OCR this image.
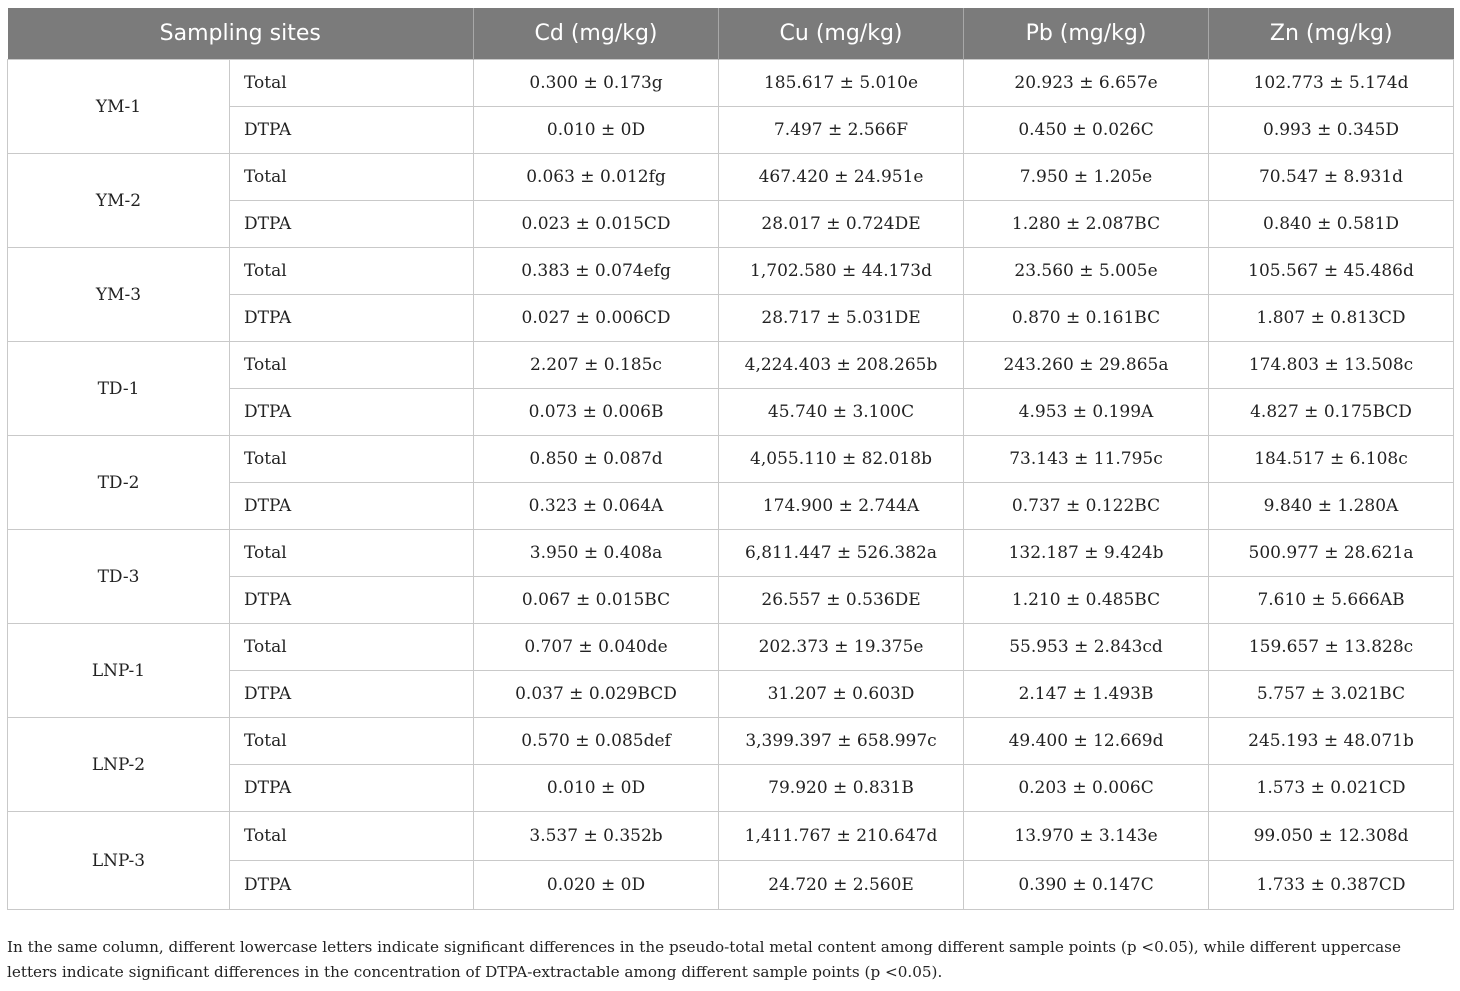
Sampling sites		Cd (mg/kg)	Cu (mg/kg)	Pb (mg/kg)	Zn (mg/kg)
YM-1	Total	0.300 ± 0.173g	185.617 ± 5.010e	20.923 ± 6.657e	102.773 ± 5.174d
	DTPA	0.010 ± 0D	7.497 ± 2.566F	0.450 ± 0.026C	0.993 ± 0.345D
YM-2	Total	0.063 ± 0.012fg	467.420 ± 24.951e	7.950 ± 1.205e	70.547 ± 8.931d
	DTPA	0.023 ± 0.015CD	28.017 ± 0.724DE	1.280 ± 2.087BC	0.840 ± 0.581D
YM-3	Total	0.383 ± 0.074efg	1,702.580 ± 44.173d	23.560 ± 5.005e	105.567 ± 45.486d
	DTPA	0.027 ± 0.006CD	28.717 ± 5.031DE	0.870 ± 0.161BC	1.807 ± 0.813CD
TD-1	Total	2.207 ± 0.185c	4,224.403 ± 208.265b	243.260 ± 29.865a	174.803 ± 13.508c
	DTPA	0.073 ± 0.006B	45.740 ± 3.100C	4.953 ± 0.199A	4.827 ± 0.175BCD
TD-2	Total	0.850 ± 0.087d	4,055.110 ± 82.018b	73.143 ± 11.795c	184.517 ± 6.108c
	DTPA	0.323 ± 0.064A	174.900 ± 2.744A	0.737 ± 0.122BC	9.840 ± 1.280A
TD-3	Total	3.950 ± 0.408a	6,811.447 ± 526.382a	132.187 ± 9.424b	500.977 ± 28.621a
	DTPA	0.067 ± 0.015BC	26.557 ± 0.536DE	1.210 ± 0.485BC	7.610 ± 5.666AB
LNP-1	Total	0.707 ± 0.040de	202.373 ± 19.375e	55.953 ± 2.843cd	159.657 ± 13.828c
	DTPA	0.037 ± 0.029BCD	31.207 ± 0.603D	2.147 ± 1.493B	5.757 ± 3.021BC
LNP-2	Total	0.570 ± 0.085def	3,399.397 ± 658.997c	49.400 ± 12.669d	245.193 ± 48.071b
	DTPA	0.010 ± 0D	79.920 ± 0.831B	0.203 ± 0.006C	1.573 ± 0.021CD
LNP-3	Total	3.537 ± 0.352b	1,411.767 ± 210.647d	13.970 ± 3.143e	99.050 ± 12.308d
	DTPA	0.020 ± 0D	24.720 ± 2.560E	0.390 ± 0.147C	1.733 ± 0.387CD
In the same column, different lowercase letters indicate significant differences in the pseudo-total metal content among different sample points (p <0.05), while different uppercase letters indicate significant differences in the concentration of DTPA-extractable among different sample points (p <0.05).
